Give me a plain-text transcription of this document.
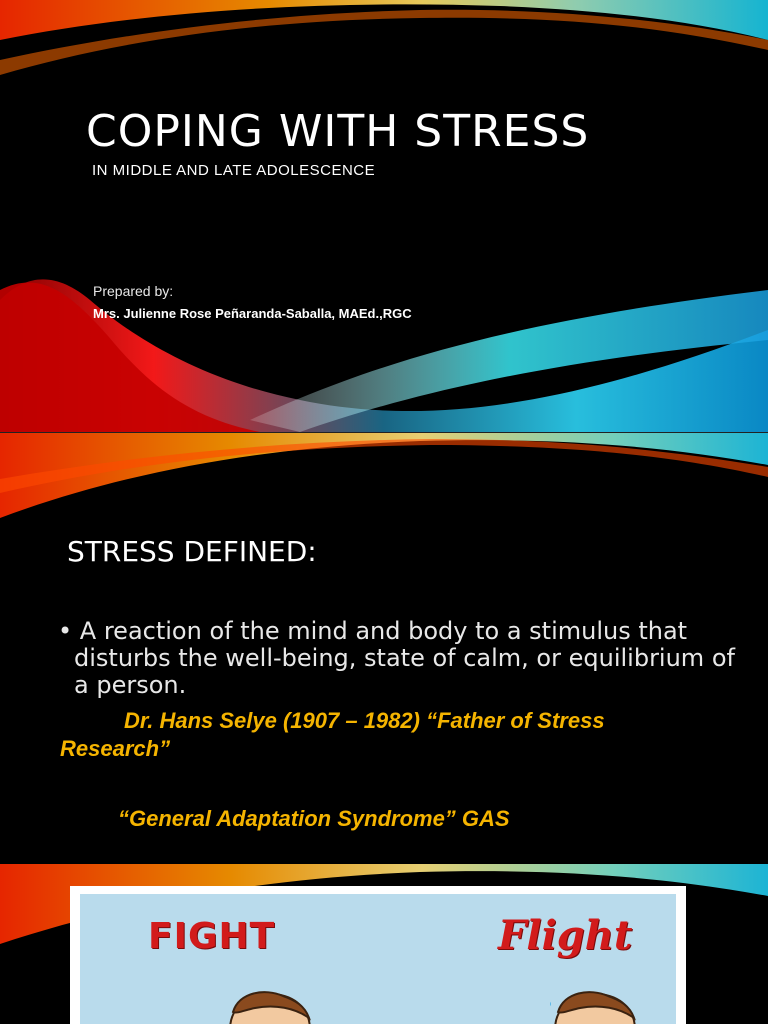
COPING WITH STRESS
IN MIDDLE AND LATE ADOLESCENCE
Prepared by:
Mrs. Julienne Rose Peñaranda-Saballa, MAEd.,RGC
STRESS DEFINED:

• A reaction of the mind and body to a stimulus that disturbs the well-being, state of calm, or equilibrium of a person.

Dr. Hans Selye (1907 – 1982) “Father of Stress Research”

“General Adaptation Syndrome” GAS

FIGHT	Flight
